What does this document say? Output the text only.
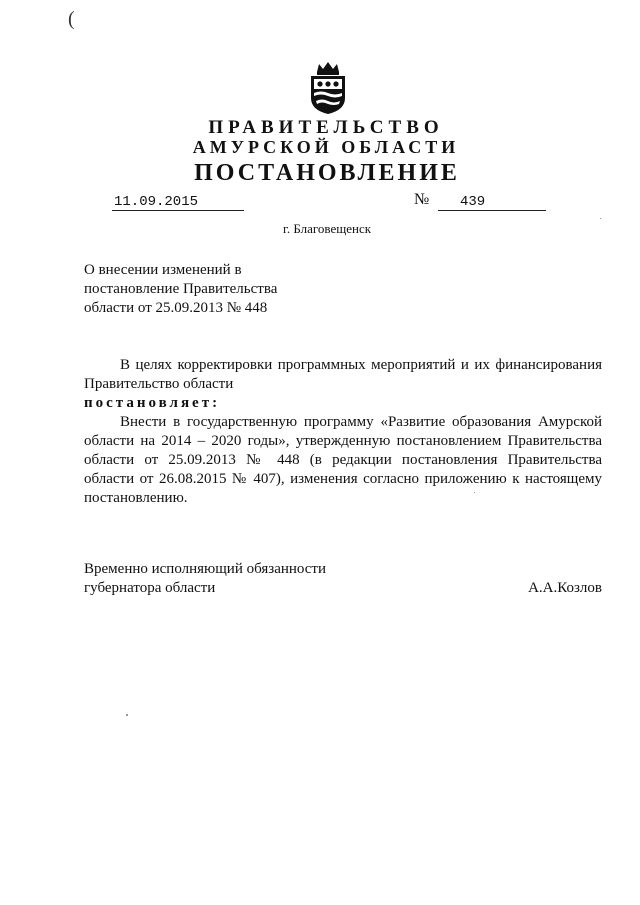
(
ПРАВИТЕЛЬСТВО
АМУРСКОЙ ОБЛАСТИ
ПОСТАНОВЛЕНИЕ
11.09.2015	№ 439
г. Благовещенск
О внесении изменений в
постановление Правительства
области от 25.09.2013 № 448
В целях корректировки программных мероприятий и их финансирования
Правительство области
постановляет:
Внести в государственную программу «Развитие образования Амурской
области на 2014 – 2020 годы», утвержденную постановлением Правительства
области от 25.09.2013 № 448 (в редакции постановления Правительства
области от 26.08.2015 № 407), изменения согласно приложению к настоящему
постановлению.
Временно исполняющий обязанности
губернатора области	А.А.Козлов
